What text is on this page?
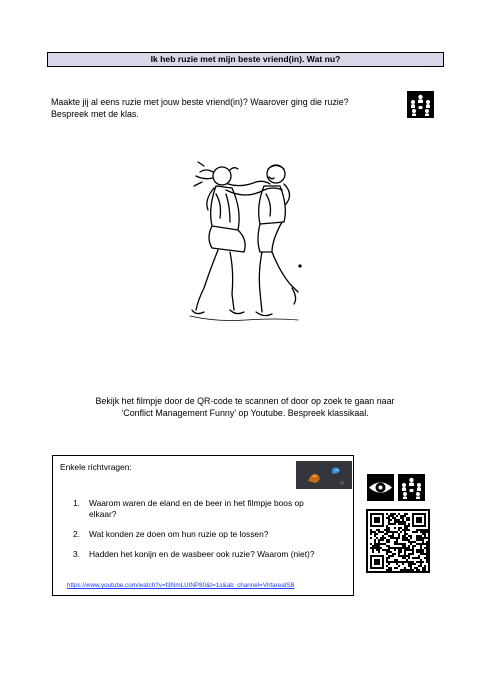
Ik heb ruzie met mijn beste vriend(in). Wat nu?
Maakte jij al eens ruzie met jouw beste vriend(in)? Waarover ging die ruzie?
Bespreek met de klas.
Bekijk het filmpje door de QR-code te scannen of door op zoek te gaan naar
‘Conflict Management Funny’ op Youtube. Bespreek klassikaal.
Enkele richtvragen:
1. Waarom waren de eland en de beer in het filmpje boos op
elkaar?
2. Wat konden ze doen om hun ruzie op te lossen?
3. Hadden het konijn en de wasbeer ook ruzie? Waarom (niet)?
https://www.youtube.com/watch?v=f3NmLUINP80&t=1s&ab_channel=VirtarealSB
